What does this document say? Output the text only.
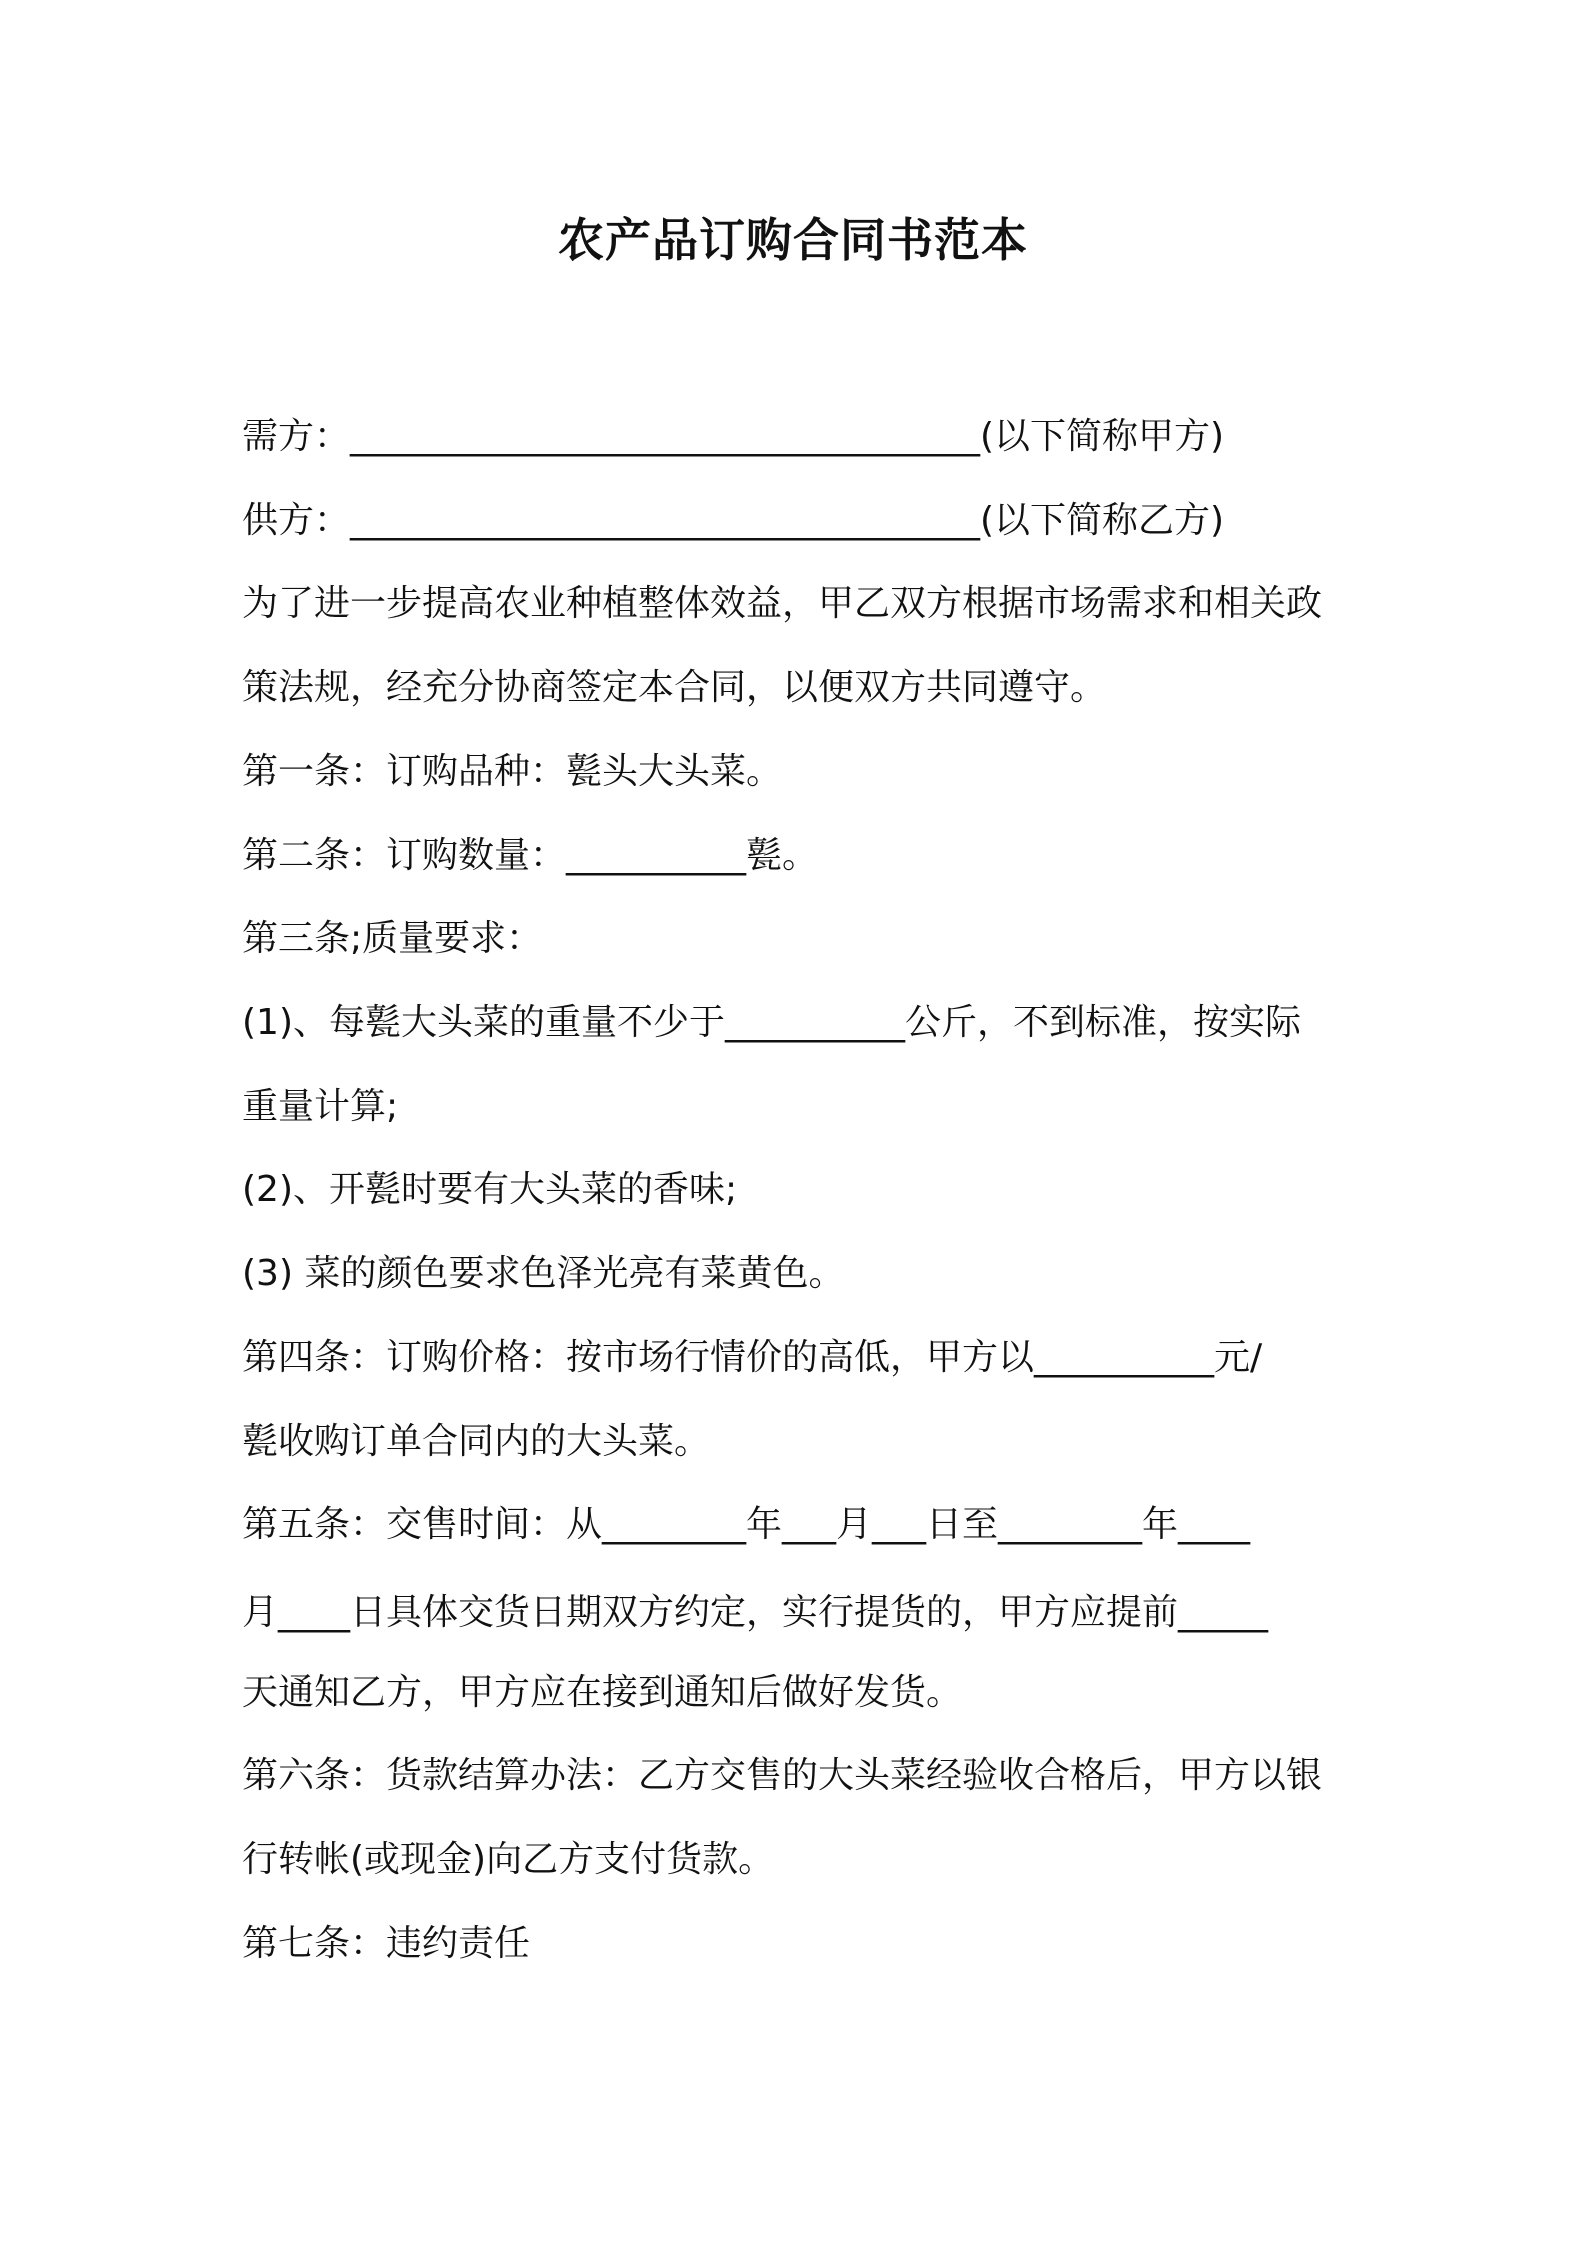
农产品订购合同书范本
需方：___________________________________(以下简称甲方)
供方：___________________________________(以下简称乙方)
为了进一步提高农业种植整体效益，甲乙双方根据市场需求和相关政
策法规，经充分协商签定本合同，以便双方共同遵守。
第一条：订购品种：甏头大头菜。
第二条：订购数量：__________甏。
第三条;质量要求：
(1)、每甏大头菜的重量不少于__________公斤，不到标准，按实际
重量计算;
(2)、开甏时要有大头菜的香味;
(3) 菜的颜色要求色泽光亮有菜黄色。
第四条：订购价格：按市场行情价的高低，甲方以__________元/
甏收购订单合同内的大头菜。
第五条：交售时间：从________年___月___日至________年____
月____日具体交货日期双方约定，实行提货的，甲方应提前_____
天通知乙方，甲方应在接到通知后做好发货。
第六条：货款结算办法：乙方交售的大头菜经验收合格后，甲方以银
行转帐(或现金)向乙方支付货款。
第七条：违约责任
